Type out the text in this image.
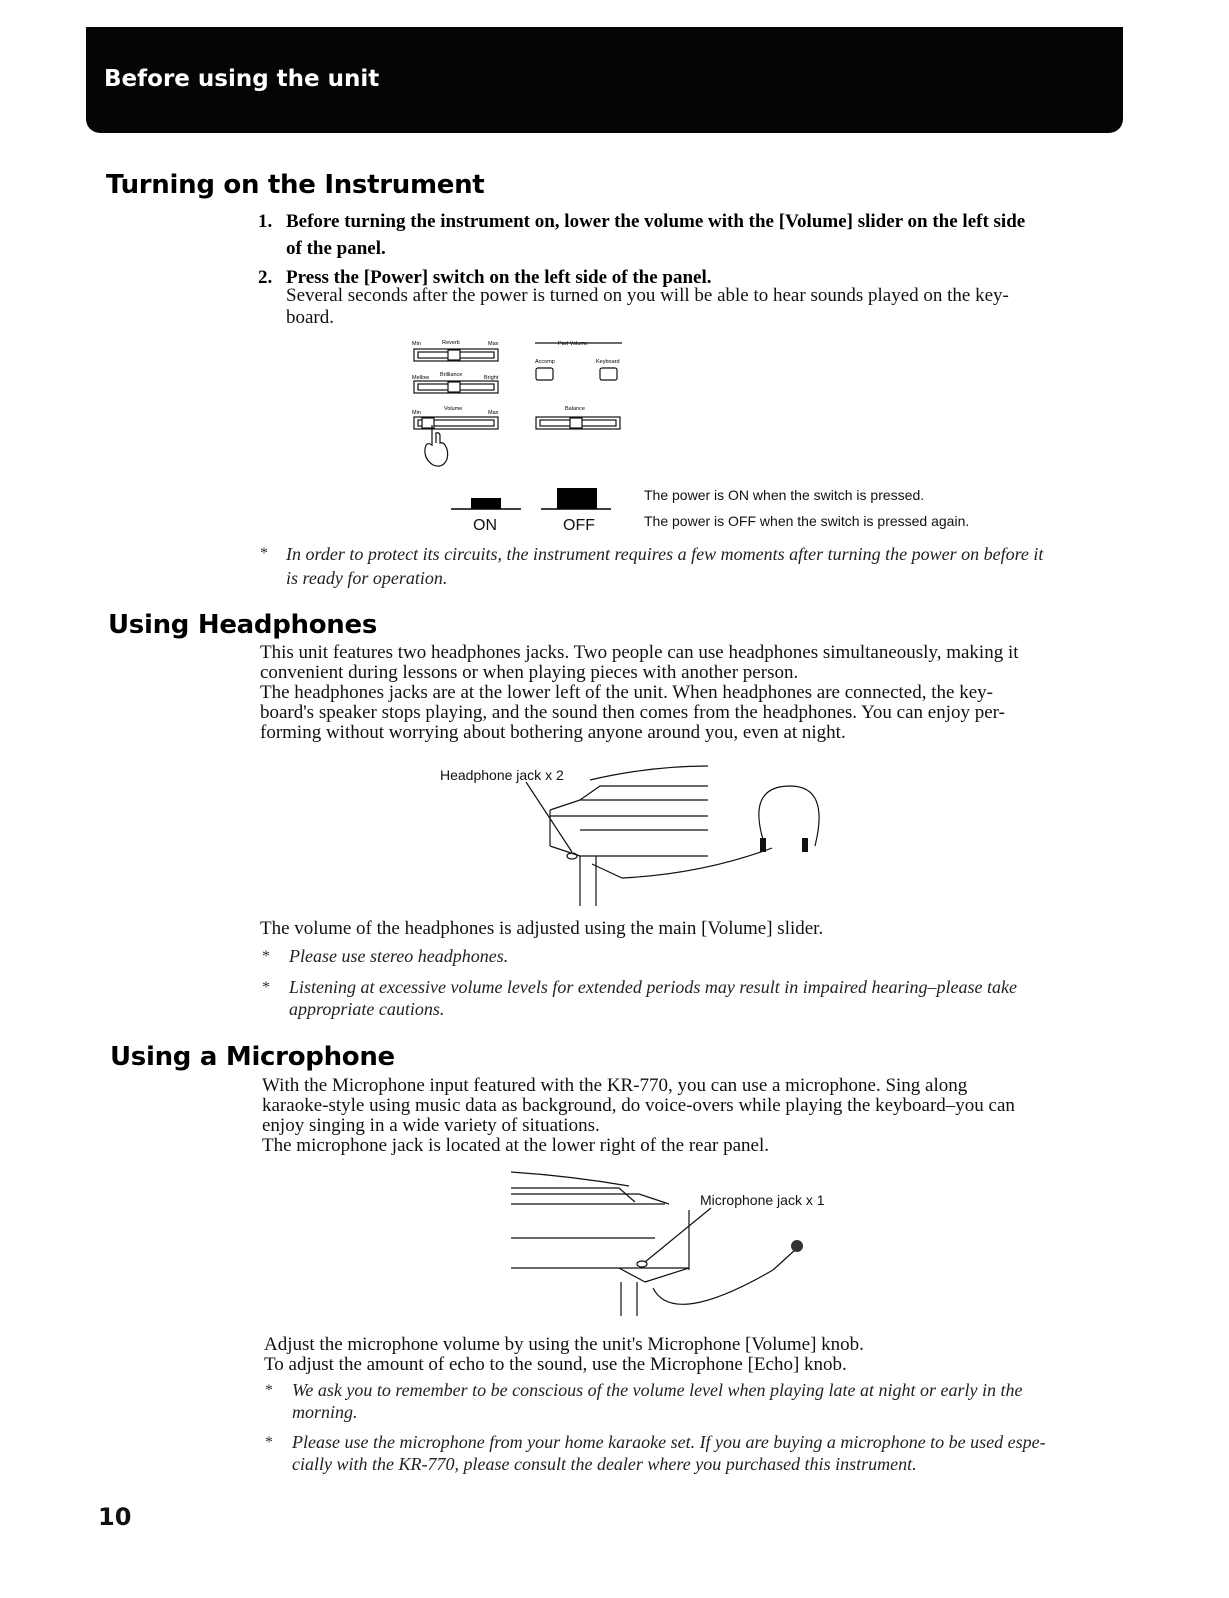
Before using the unit
Turning on the Instrument
1. Before turning the instrument on, lower the volume with the [Volume] slider on the left side
of the panel.
2. Press the [Power] switch on the left side of the panel.
Several seconds after the power is turned on you will be able to hear sounds played on the key-
board.
Min	Reverb	Max
Brilliance
Mellow	Bright
Min
Volume
Max
Part Volume
Accomp	Keyboard
Balance
ON	OFF
The power is ON when the switch is pressed.
The power is OFF when the switch is pressed again.
* In order to protect its circuits, the instrument requires a few moments after turning the power on before it
is ready for operation.
Using Headphones
This unit features two headphones jacks. Two people can use headphones simultaneously, making it
convenient during lessons or when playing pieces with another person.
The headphones jacks are at the lower left of the unit. When headphones are connected, the key-
board's speaker stops playing, and the sound then comes from the headphones. You can enjoy per-
forming without worrying about bothering anyone around you, even at night.
Headphone jack x 2
The volume of the headphones is adjusted using the main [Volume] slider.
* Please use stereo headphones.
* Listening at excessive volume levels for extended periods may result in impaired hearing–please take
appropriate cautions.
Using a Microphone
With the Microphone input featured with the KR-770, you can use a microphone. Sing along
karaoke-style using music data as background, do voice-overs while playing the keyboard–you can
enjoy singing in a wide variety of situations.
The microphone jack is located at the lower right of the rear panel.
Microphone jack x 1
Adjust the microphone volume by using the unit's Microphone [Volume] knob.
To adjust the amount of echo to the sound, use the Microphone [Echo] knob.
* We ask you to remember to be conscious of the volume level when playing late at night or early in the
morning.
* Please use the microphone from your home karaoke set. If you are buying a microphone to be used espe-
cially with the KR-770, please consult the dealer where you purchased this instrument.
10
